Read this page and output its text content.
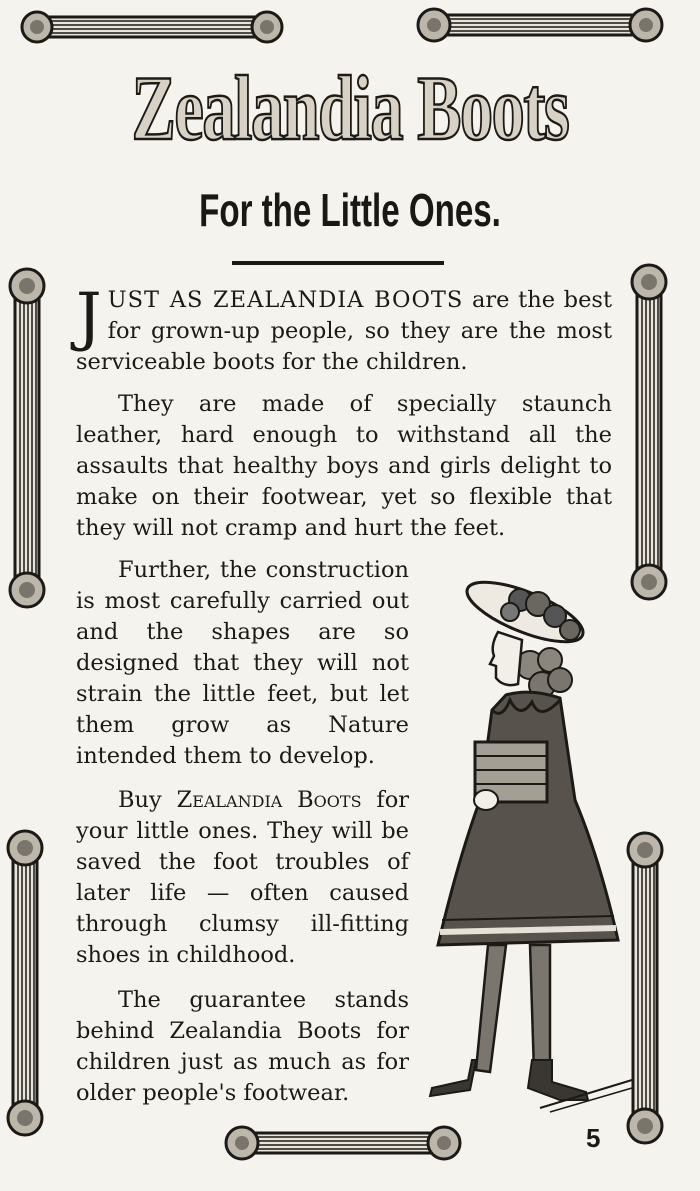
Zealandia Boots
For the Little Ones.

JUST AS ZEALANDIA BOOTS are the best for grown-up people, so they are the most serviceable boots for the children.

They are made of specially staunch leather, hard enough to withstand all the assaults that healthy boys and girls delight to make on their footwear, yet so flexible that they will not cramp and hurt the feet.

Further, the construction is most carefully carried out and the shapes are so designed that they will not strain the little feet, but let them grow as Nature intended them to develop.

Buy Zealandia Boots for your little ones. They will be saved the foot troubles of later life — often caused through clumsy ill-fitting shoes in childhood.

The guarantee stands behind Zealandia Boots for children just as much as for older people's footwear.

5
